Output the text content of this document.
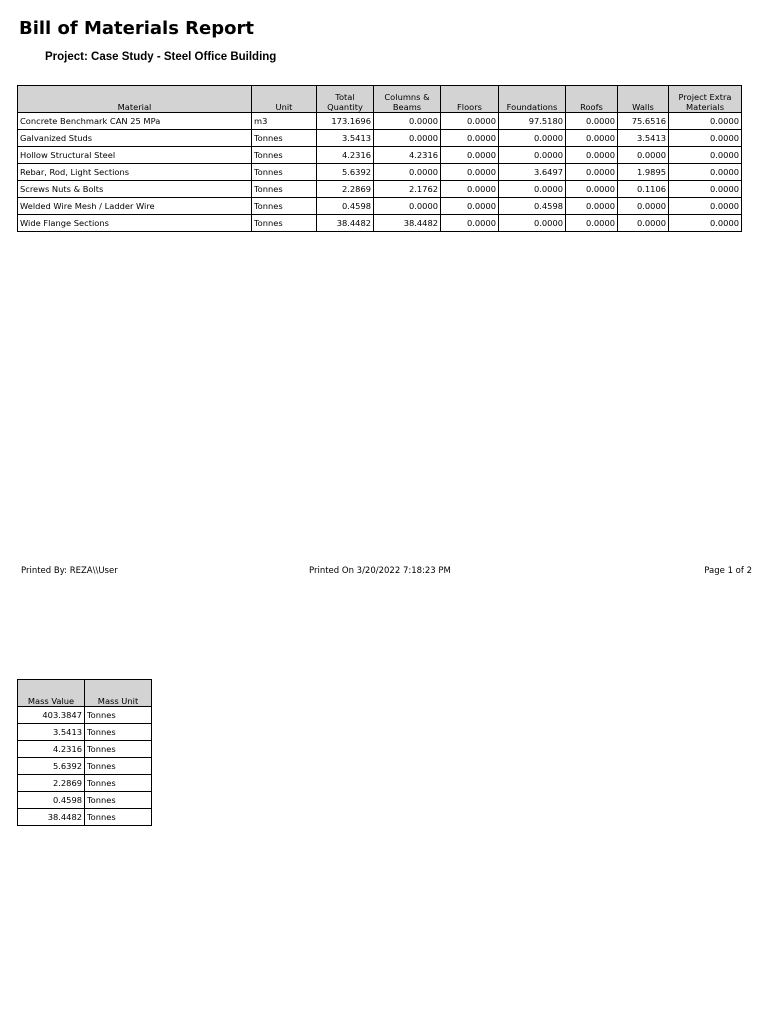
Bill of Materials Report
Project: Case Study - Steel Office Building
Material	Unit	Total Quantity	Columns & Beams	Floors	Foundations	Roofs	Walls	Project Extra Materials
Concrete Benchmark CAN 25 MPa	m3	173.1696	0.0000	0.0000	97.5180	0.0000	75.6516	0.0000
Galvanized Studs	Tonnes	3.5413	0.0000	0.0000	0.0000	0.0000	3.5413	0.0000
Hollow Structural Steel	Tonnes	4.2316	4.2316	0.0000	0.0000	0.0000	0.0000	0.0000
Rebar, Rod, Light Sections	Tonnes	5.6392	0.0000	0.0000	3.6497	0.0000	1.9895	0.0000
Screws Nuts & Bolts	Tonnes	2.2869	2.1762	0.0000	0.0000	0.0000	0.1106	0.0000
Welded Wire Mesh / Ladder Wire	Tonnes	0.4598	0.0000	0.0000	0.4598	0.0000	0.0000	0.0000
Wide Flange Sections	Tonnes	38.4482	38.4482	0.0000	0.0000	0.0000	0.0000	0.0000
Printed By: REZA\\User	Printed On 3/20/2022 7:18:23 PM	Page 1 of 2
Mass Value	Mass Unit
403.3847	Tonnes
3.5413	Tonnes
4.2316	Tonnes
5.6392	Tonnes
2.2869	Tonnes
0.4598	Tonnes
38.4482	Tonnes
